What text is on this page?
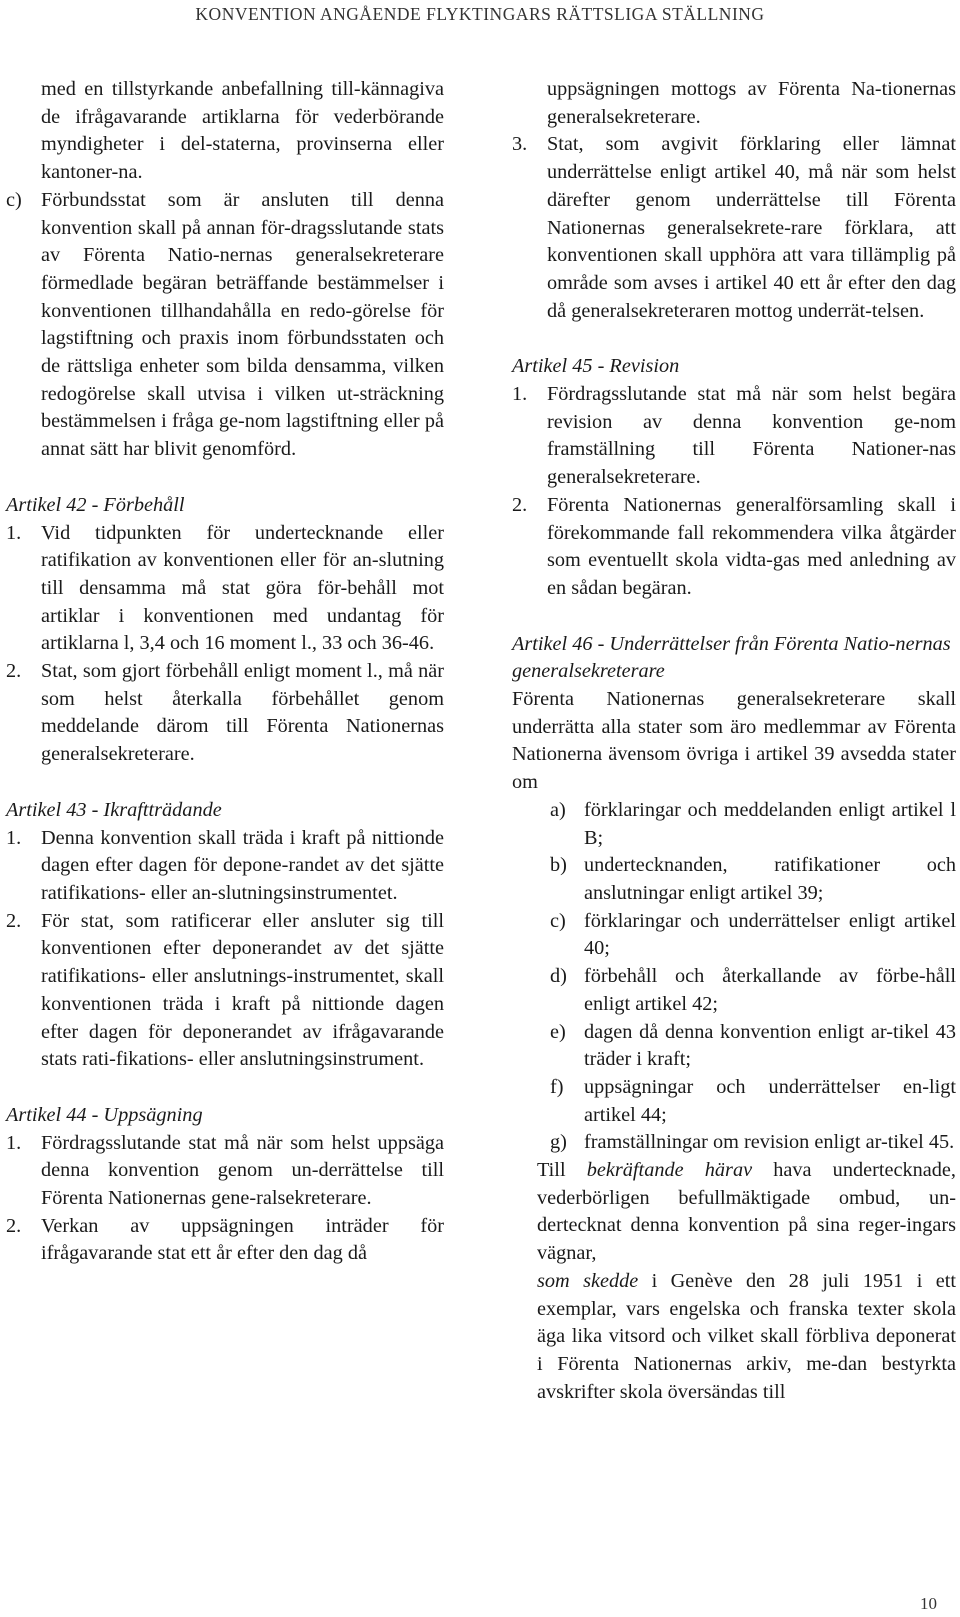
KONVENTION ANGÅENDE FLYKTINGARS RÄTTSLIGA STÄLLNING

med en tillstyrkande anbefallning till-kännagiva de ifrågavarande artiklarna för vederbörande myndigheter i del-staterna, provinserna eller kantoner-na.

c) Förbundsstat som är ansluten till denna konvention skall på annan för-dragsslutande stats av Förenta Natio-nernas generalsekreterare förmedlade begäran beträffande bestämmelser i konventionen tillhandahålla en redo-görelse för lagstiftning och praxis inom förbundsstaten och de rättsliga enheter som bilda densamma, vilken redogörelse skall utvisa i vilken ut-sträckning bestämmelsen i fråga ge-nom lagstiftning eller på annat sätt har blivit genomförd.

Artikel 42 - Förbehåll

1. Vid tidpunkten för undertecknande eller ratifikation av konventionen eller för an-slutning till densamma må stat göra för-behåll mot artiklar i konventionen med undantag för artiklarna l, 3,4 och 16 moment l., 33 och 36-46.

2. Stat, som gjort förbehåll enligt moment l., må när som helst återkalla förbehållet genom meddelande därom till Förenta Nationernas generalsekreterare.

Artikel 43 - Ikraftträdande

1. Denna konvention skall träda i kraft på nittionde dagen efter dagen för depone-randet av det sjätte ratifikations- eller an-slutningsinstrumentet.

2. För stat, som ratificerar eller ansluter sig till konventionen efter deponerandet av det sjätte ratifikations- eller anslutnings-instrumentet, skall konventionen träda i kraft på nittionde dagen efter dagen för deponerandet av ifrågavarande stats rati-fikations- eller anslutningsinstrument.

Artikel 44 - Uppsägning

1. Fördragsslutande stat må när som helst uppsäga denna konvention genom un-derrättelse till Förenta Nationernas gene-ralsekreterare.

2. Verkan av uppsägningen inträder för ifrågavarande stat ett år efter den dag då

uppsägningen mottogs av Förenta Na-tionernas generalsekreterare.

3. Stat, som avgivit förklaring eller lämnat underrättelse enligt artikel 40, må när som helst därefter genom underrättelse till Förenta Nationernas generalsekrete-rare förklara, att konventionen skall upphöra att vara tillämplig på område som avses i artikel 40 ett år efter den dag då generalsekreteraren mottog underrät-telsen.

Artikel 45 - Revision

1. Fördragsslutande stat må när som helst begära revision av denna konvention ge-nom framställning till Förenta Nationer-nas generalsekreterare.

2. Förenta Nationernas generalförsamling skall i förekommande fall rekommendera vilka åtgärder som eventuellt skola vidta-gas med anledning av en sådan begäran.

Artikel 46 - Underrättelser från Förenta Natio-nernas generalsekreterare

Förenta Nationernas generalsekreterare skall underrätta alla stater som äro medlemmar av Förenta Nationerna ävensom övriga i artikel 39 avsedda stater om

a) förklaringar och meddelanden enligt artikel l B;

b) undertecknanden, ratifikationer och anslutningar enligt artikel 39;

c) förklaringar och underrättelser enligt artikel 40;

d) förbehåll och återkallande av förbe-håll enligt artikel 42;

e) dagen då denna konvention enligt ar-tikel 43 träder i kraft;

f) uppsägningar och underrättelser en-ligt artikel 44;

g) framställningar om revision enligt ar-tikel 45.

Till bekräftande härav hava undertecknade, vederbörligen befullmäktigade ombud, un-dertecknat denna konvention på sina reger-ingars vägnar,

som skedde i Genève den 28 juli 1951 i ett exemplar, vars engelska och franska texter skola äga lika vitsord och vilket skall förbliva deponerat i Förenta Nationernas arkiv, me-dan bestyrkta avskrifter skola översändas till

10
